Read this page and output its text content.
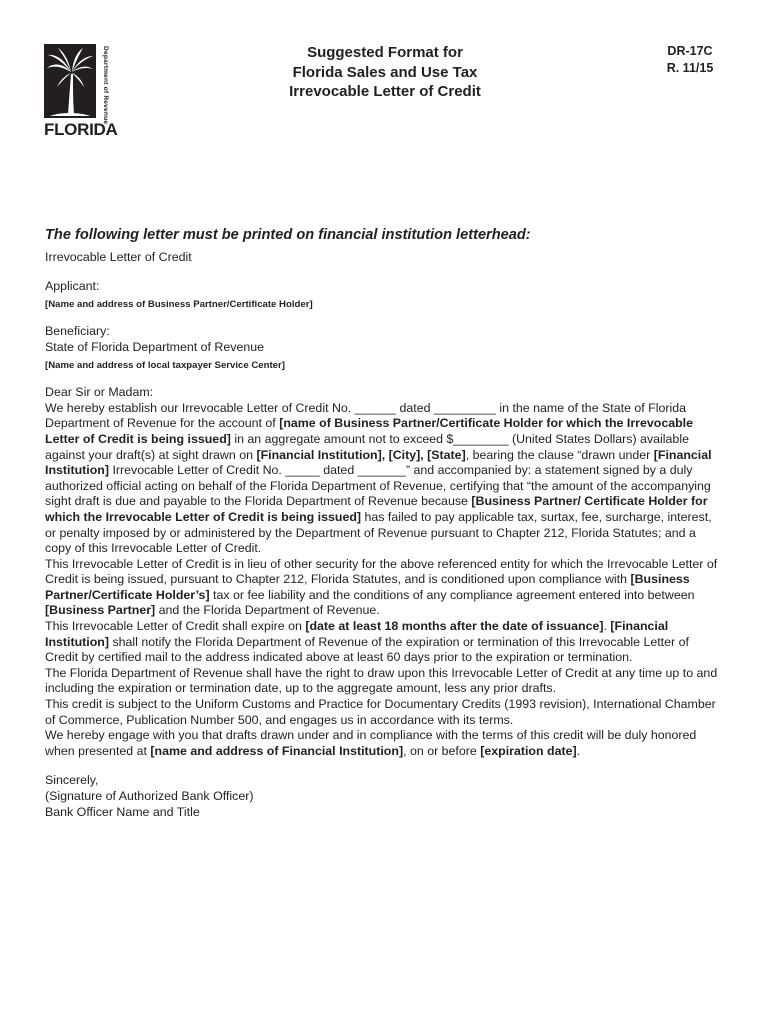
Department of Revenue
FLORIDA
Suggested Format for
Florida Sales and Use Tax
Irrevocable Letter of Credit
DR-17C
R. 11/15

The following letter must be printed on financial institution letterhead:

Irrevocable Letter of Credit

Applicant:

[Name and address of Business Partner/Certificate Holder]

Beneficiary:

State of Florida Department of Revenue

[Name and address of local taxpayer Service Center]

Dear Sir or Madam:

We hereby establish our Irrevocable Letter of Credit No. ______ dated _________ in the name of the State of Florida Department of Revenue for the account of [name of Business Partner/Certificate Holder for which the Irrevocable Letter of Credit is being issued] in an aggregate amount not to exceed $________ (United States Dollars) available against your draft(s) at sight drawn on [Financial Institution], [City], [State], bearing the clause “drawn under [Financial Institution] Irrevocable Letter of Credit No. _____ dated _______” and accompanied by: a statement signed by a duly authorized official acting on behalf of the Florida Department of Revenue, certifying that “the amount of the accompanying sight draft is due and payable to the Florida Department of Revenue because [Business Partner/ Certificate Holder for which the Irrevocable Letter of Credit is being issued] has failed to pay applicable tax, surtax, fee, surcharge, interest, or penalty imposed by or administered by the Department of Revenue pursuant to Chapter 212, Florida Statutes; and a copy of this Irrevocable Letter of Credit.

This Irrevocable Letter of Credit is in lieu of other security for the above referenced entity for which the Irrevocable Letter of Credit is being issued, pursuant to Chapter 212, Florida Statutes, and is conditioned upon compliance with [Business Partner/Certificate Holder’s] tax or fee liability and the conditions of any compliance agreement entered into between [Business Partner] and the Florida Department of Revenue.

This Irrevocable Letter of Credit shall expire on [date at least 18 months after the date of issuance]. [Financial Institution] shall notify the Florida Department of Revenue of the expiration or termination of this Irrevocable Letter of Credit by certified mail to the address indicated above at least 60 days prior to the expiration or termination.

The Florida Department of Revenue shall have the right to draw upon this Irrevocable Letter of Credit at any time up to and including the expiration or termination date, up to the aggregate amount, less any prior drafts.

This credit is subject to the Uniform Customs and Practice for Documentary Credits (1993 revision), International Chamber of Commerce, Publication Number 500, and engages us in accordance with its terms.

We hereby engage with you that drafts drawn under and in compliance with the terms of this credit will be duly honored when presented at [name and address of Financial Institution], on or before [expiration date].

Sincerely,

(Signature of Authorized Bank Officer)

Bank Officer Name and Title
